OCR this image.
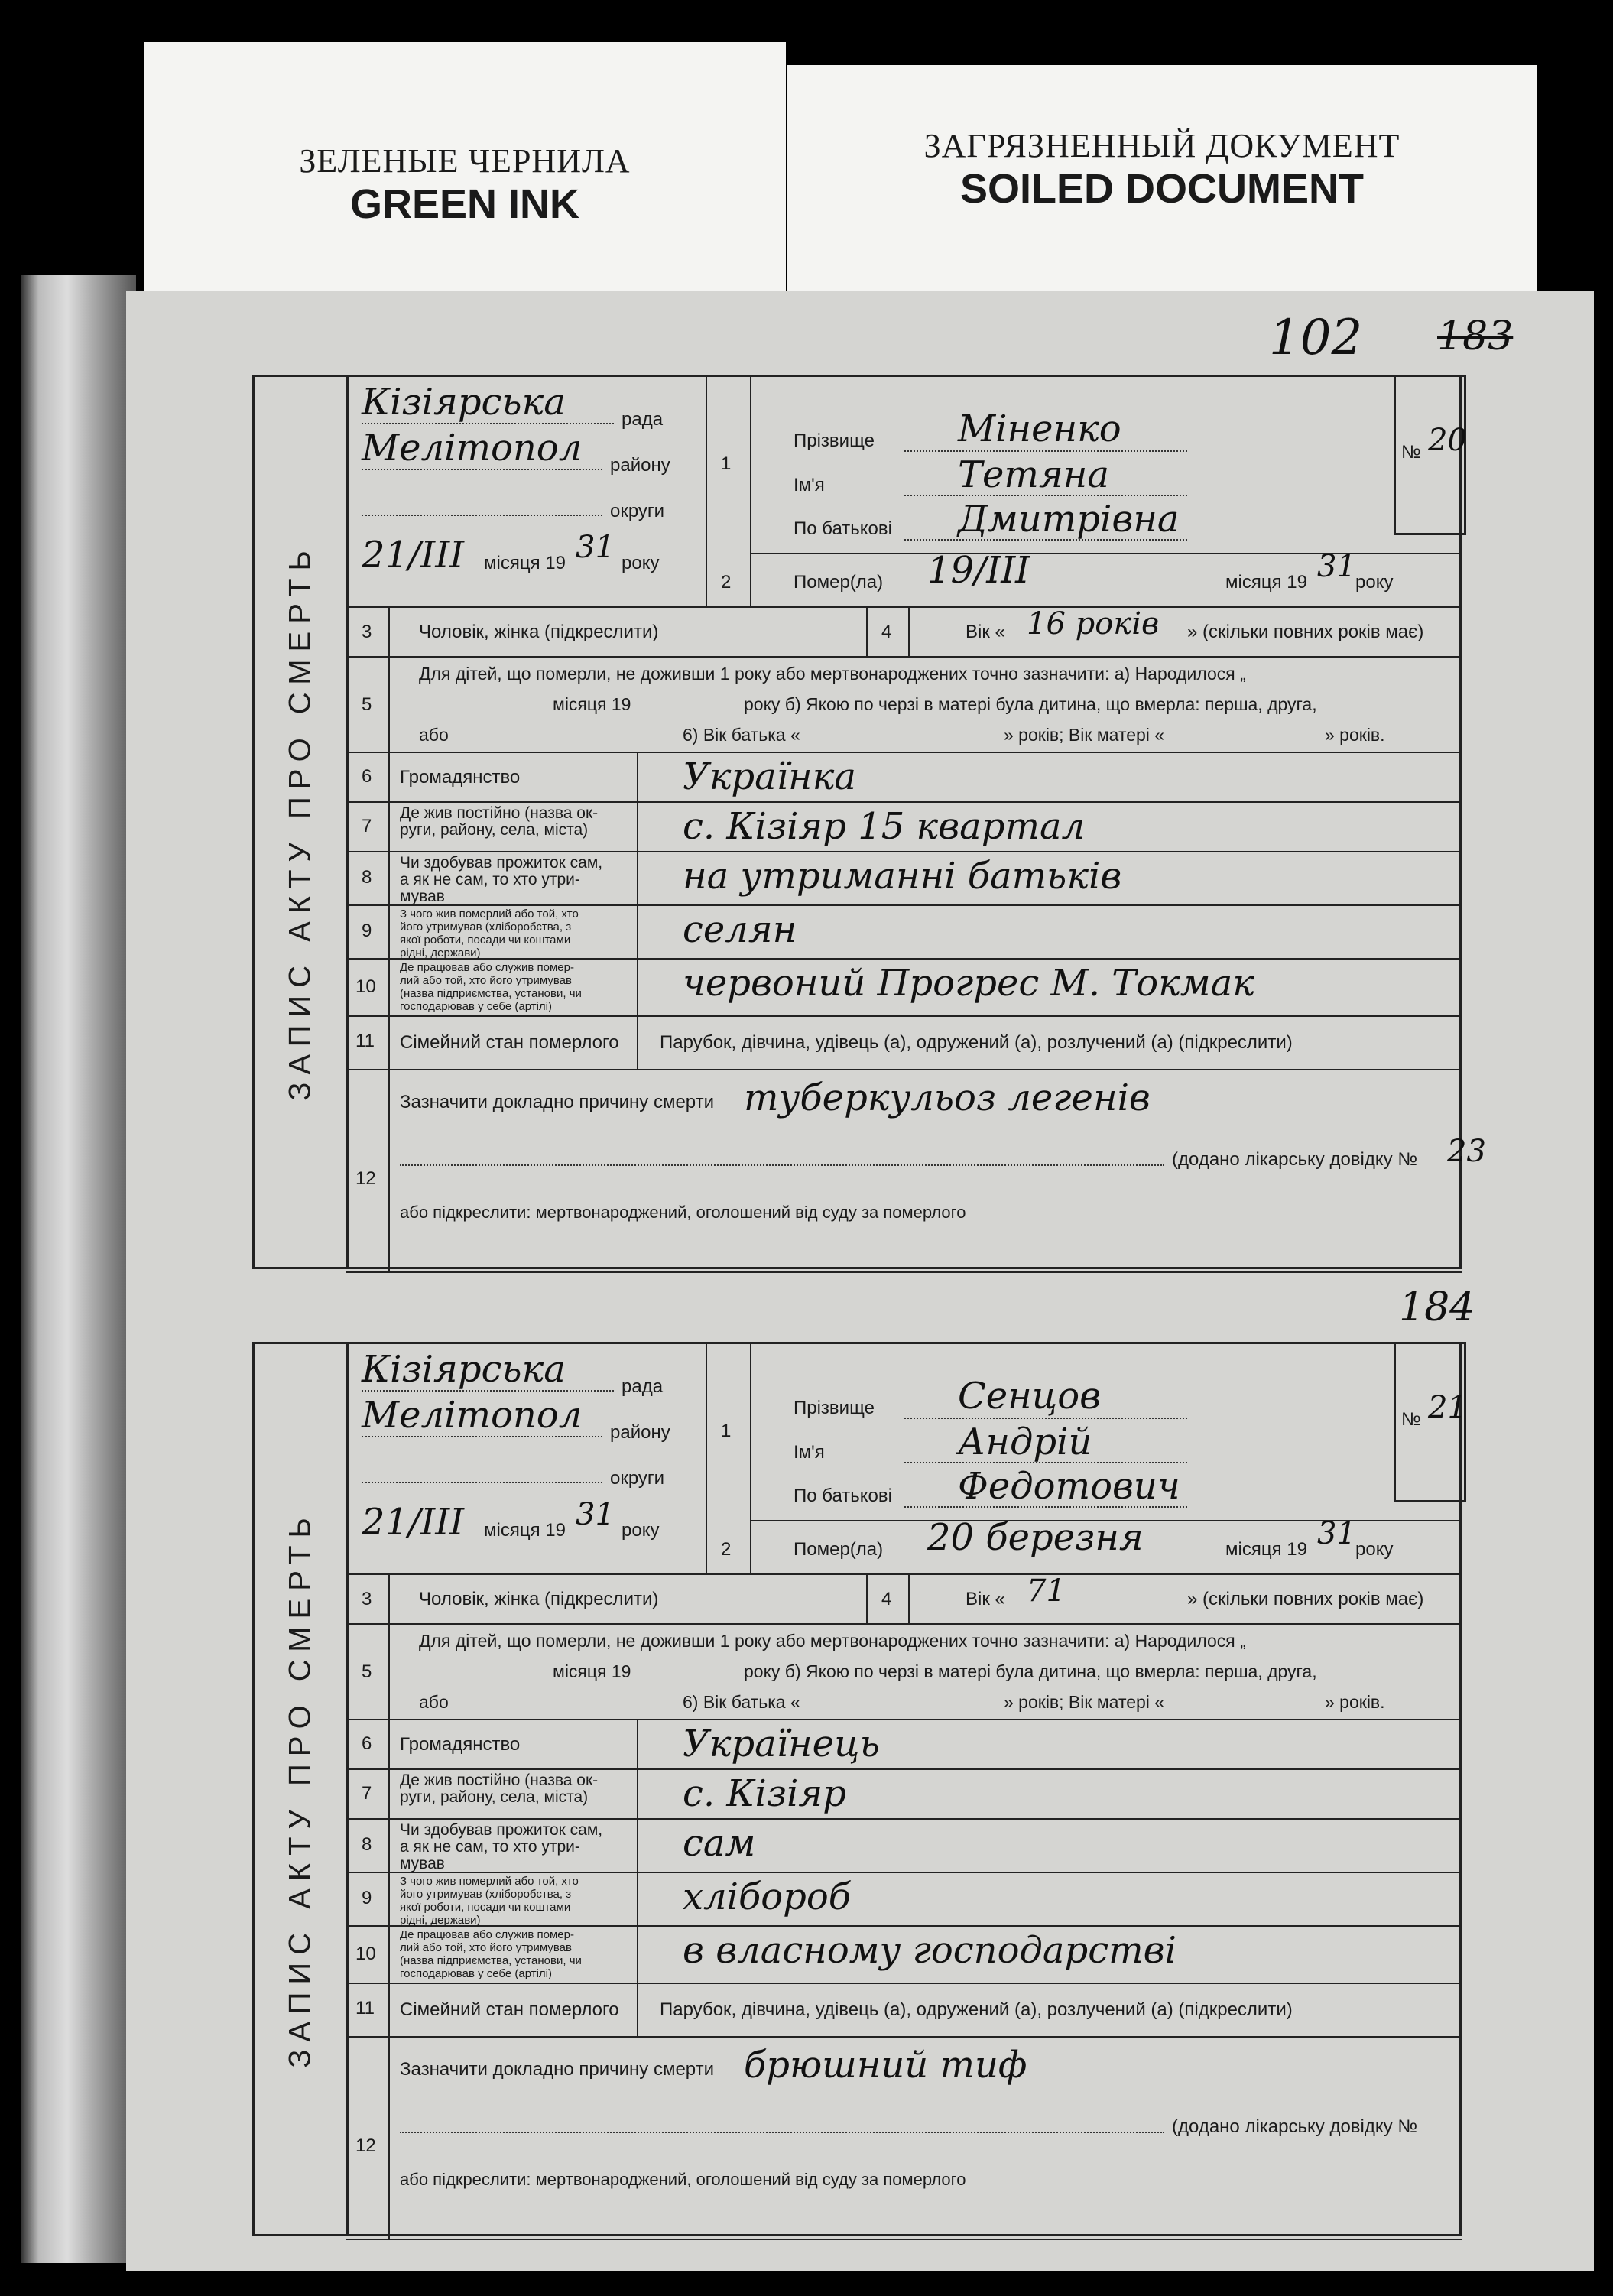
ЗЕЛЕНЫЕ ЧЕРНИЛА
GREEN INK
ЗАГРЯЗНЕННЫЙ ДОКУМЕНТ
SOILED DOCUMENT
102 183
184
ЗАПИС АКТУ ПРО СМЕРТЬ
Кізіярська	рада
Мелітопол району
округи
21/ІІІ місяця 19 31 року
1
2
Прізвище Міненко
Ім'я	Тетяна
По батькові Дмитрівна
№ 20
Помер(ла) 19/ІІІ	місяця 19 31 року
3	Чоловік, жінка (підкреслити)	4	Вік « 16 років » (скільки повних років має)
5
Для дітей, що померли, не доживши 1 року або мертвонароджених точно зазначити: а) Народилося „
місяця 19	року б) Якою по черзі в матері була дитина, що вмерла: перша, друга,
або	6) Вік батька «	» років; Вік матері «	» років.
6 Громадянство	Українка
7
Де жив постійно (назва ок-
руги, району, села, міста)	с. Кізіяр 15 квартал
8
Чи здобував прожиток сам,
а як не сам, то хто утри-
мував	на утриманні батьків
9
З чого жив померлий або той, хто
його утримував (хліборобства, з
якої роботи, посади чи коштами
рідні, держави)
селян
10
Де працював або служив помер-
лий або той, хто його утримував
(назва підприємства, установи, чи
господарював у себе (артілі)
червоний Прогрес М. Токмак
11 Сімейний стан померлого Парубок, дівчина, удівець (а), одружений (а), розлучений (а) (підкреслити)
12
Зазначити докладно причину смерти туберкульоз легенів
(додано лікарську довідку № 23
або підкреслити: мертвонароджений, оголошений від суду за померлого
ЗАПИС АКТУ ПРО СМЕРТЬ
Кізіярська	рада
Мелітопол району
округи
21/ІІІ місяця 19 31 року
1
2
Прізвище Сенцов
Ім'я	Андрій
По батькові Федотович
№ 21
Помер(ла) 20 березня	місяця 19 31 року
3	Чоловік, жінка (підкреслити)	4	Вік « 71	» (скільки повних років має)
5
Для дітей, що померли, не доживши 1 року або мертвонароджених точно зазначити: а) Народилося „
місяця 19	року б) Якою по черзі в матері була дитина, що вмерла: перша, друга,
або	6) Вік батька «	» років; Вік матері «	» років.
6 Громадянство	Українець
7
Де жив постійно (назва ок-
руги, району, села, міста)	с. Кізіяр
8
Чи здобував прожиток сам,
а як не сам, то хто утри-
мував	сам
9
З чого жив померлий або той, хто
його утримував (хліборобства, з
якої роботи, посади чи коштами
рідні, держави)
хлібороб
10
Де працював або служив помер-
лий або той, хто його утримував
(назва підприємства, установи, чи
господарював у себе (артілі)
в власному господарстві
11 Сімейний стан померлого Парубок, дівчина, удівець (а), одружений (а), розлучений (а) (підкреслити)
12
Зазначити докладно причину смерти брюшний тиф
(додано лікарську довідку №
або підкреслити: мертвонароджений, оголошений від суду за померлого
